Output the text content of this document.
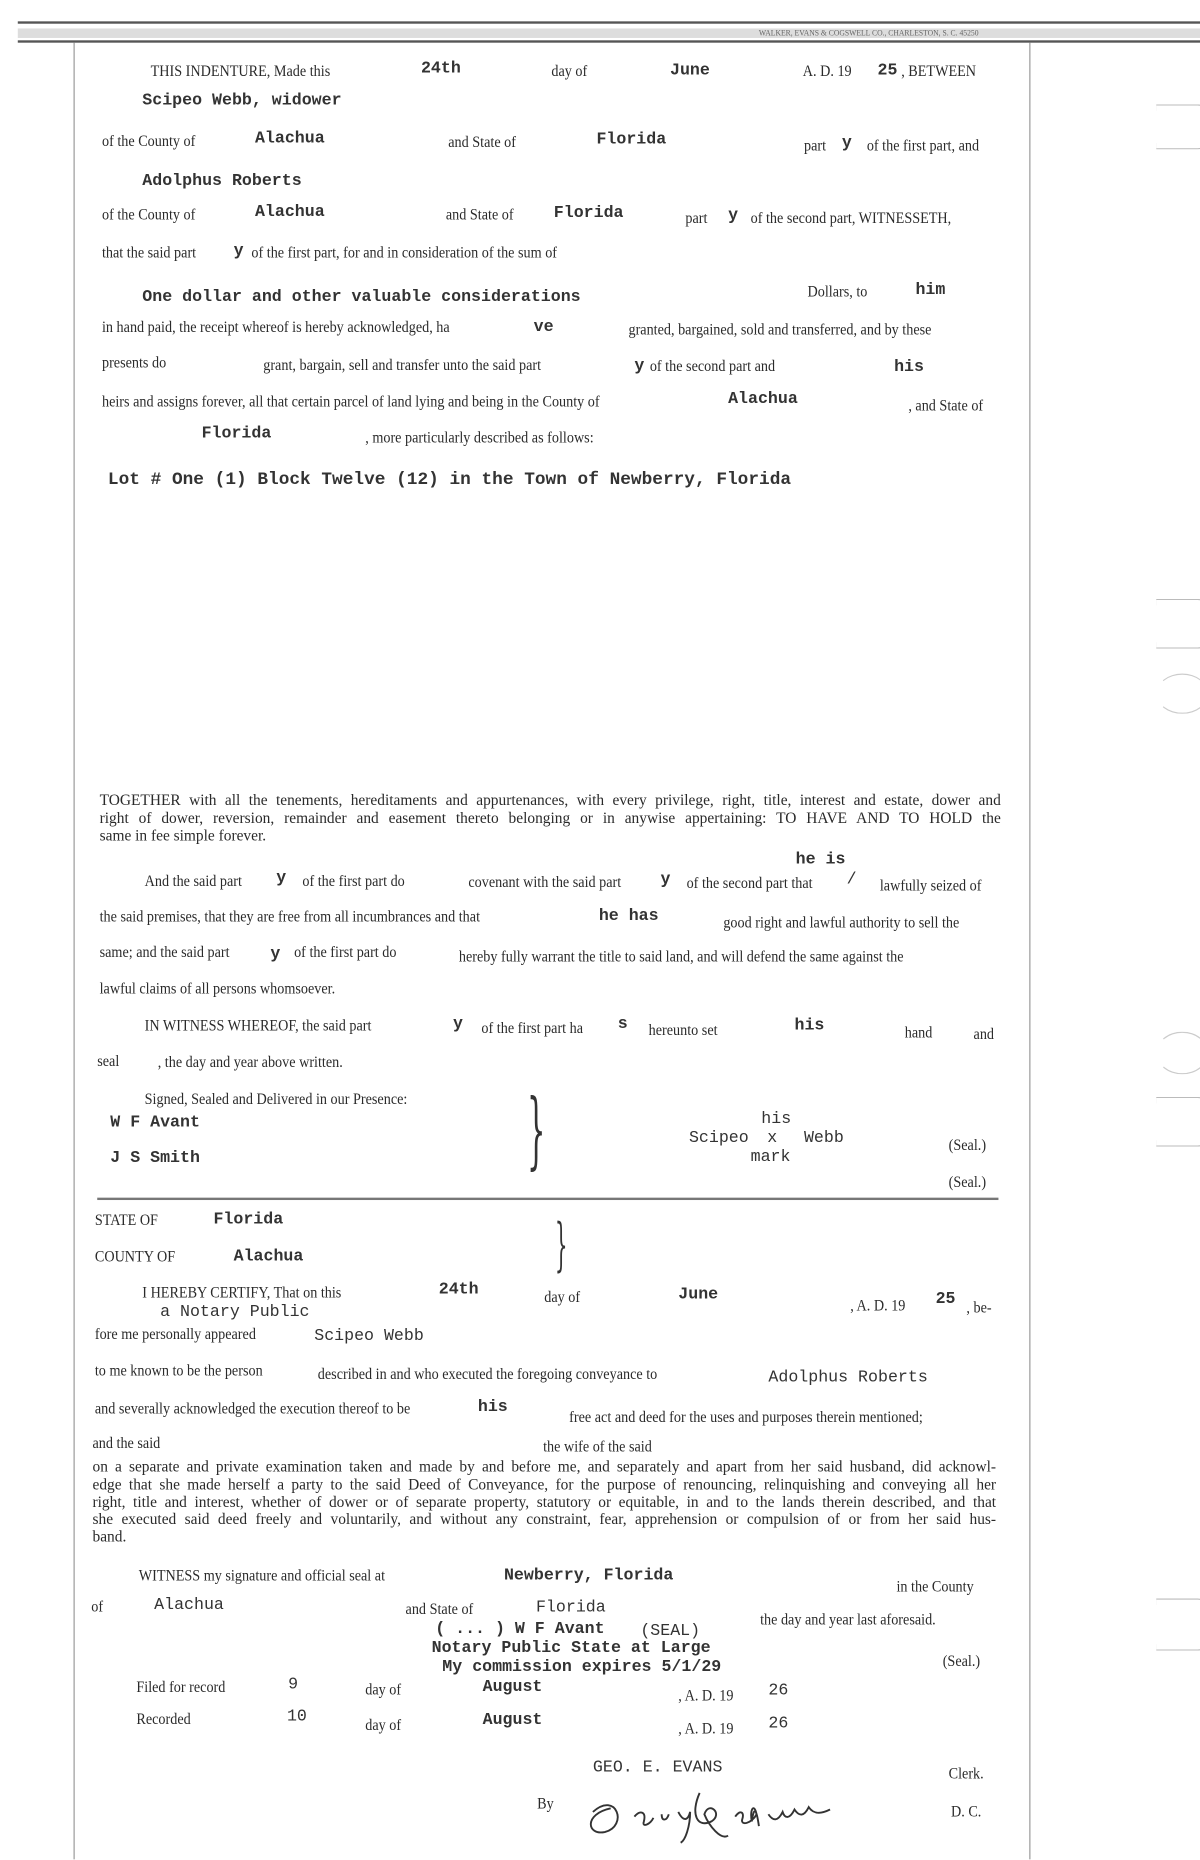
WALKER, EVANS & COGSWELL CO., CHARLESTON, S. C. 45250
THIS INDENTURE, Made this	24th	day of	June	A. D. 19 25 , BETWEEN
Scipeo Webb, widower
of the County of	Alachua	and State of	Florida	part y of the first part, and
Adolphus Roberts
of the County of	Alachua	and State of	Florida	part y of the second part, WITNESSETH,
that the said part	y of the first part, for and in consideration of the sum of
One dollar and other valuable considerations	Dollars, to	him
in hand paid, the receipt whereof is hereby acknowledged, ha	ve	granted, bargained, sold and transferred, and by these
presents do	grant, bargain, sell and transfer unto the said part	y of the second part and	his
heirs and assigns forever, all that certain parcel of land lying and being in the County of	Alachua	, and State of
Florida	, more particularly described as follows:
Lot # One (1) Block Twelve (12) in the Town of Newberry, Florida
TOGETHER with all the tenements, hereditaments and appurtenances, with every privilege, right, title, interest and estate, dower and
right of dower, reversion, remainder and easement thereto belonging or in anywise appertaining: TO HAVE AND TO HOLD the
same in fee simple forever.
he is
And the said part y of the first part do	covenant with the said part	y of the second part that / lawfully seized of
the said premises, that they are free from all incumbrances and that	he has	good right and lawful authority to sell the
same; and the said part	y of the first part do	hereby fully warrant the title to said land, and will defend the same against the
lawful claims of all persons whomsoever.
IN WITNESS WHEREOF, the said part	y of the first part ha s hereunto set	his	hand	and
seal	, the day and year above written.
Signed, Sealed and Delivered in our Presence:
W F Avant
J S Smith	}	his
Scipeo x Webb
mark
(Seal.)
(Seal.)
STATE OF	Florida
COUNTY OF	Alachua	}
I HEREBY CERTIFY, That on this	24th	day of	June
, A. D. 19 25 , be-
a Notary Public
fore me personally appeared	Scipeo Webb
to me known to be the person	described in and who executed the foregoing conveyance to	Adolphus Roberts
and severally acknowledged the execution thereof to be	his	free act and deed for the uses and purposes therein mentioned;
and the said	the wife of the said
on a separate and private examination taken and made by and before me, and separately and apart from her said husband, did acknowl-
edge that she made herself a party to the said Deed of Conveyance, for the purpose of renouncing, relinquishing and conveying all her
right, title and interest, whether of dower or of separate property, statutory or equitable, in and to the lands therein described, and that
she executed said deed freely and voluntarily, and without any constraint, fear, apprehension or compulsion of or from her said hus-
band.
WITNESS my signature and official seal at	Newberry, Florida
in the County
of	Alachua	and State of	Florida
the day and year last aforesaid.
( ... ) W F Avant	(SEAL)
Notary Public State at Large
My commission expires 5/1/29	(Seal.)
Filed for record	9	day of	August	, A. D. 19 26
Recorded	10	day of	August	, A. D. 19 26
GEO. E. EVANS	Clerk.
By	D. C.
